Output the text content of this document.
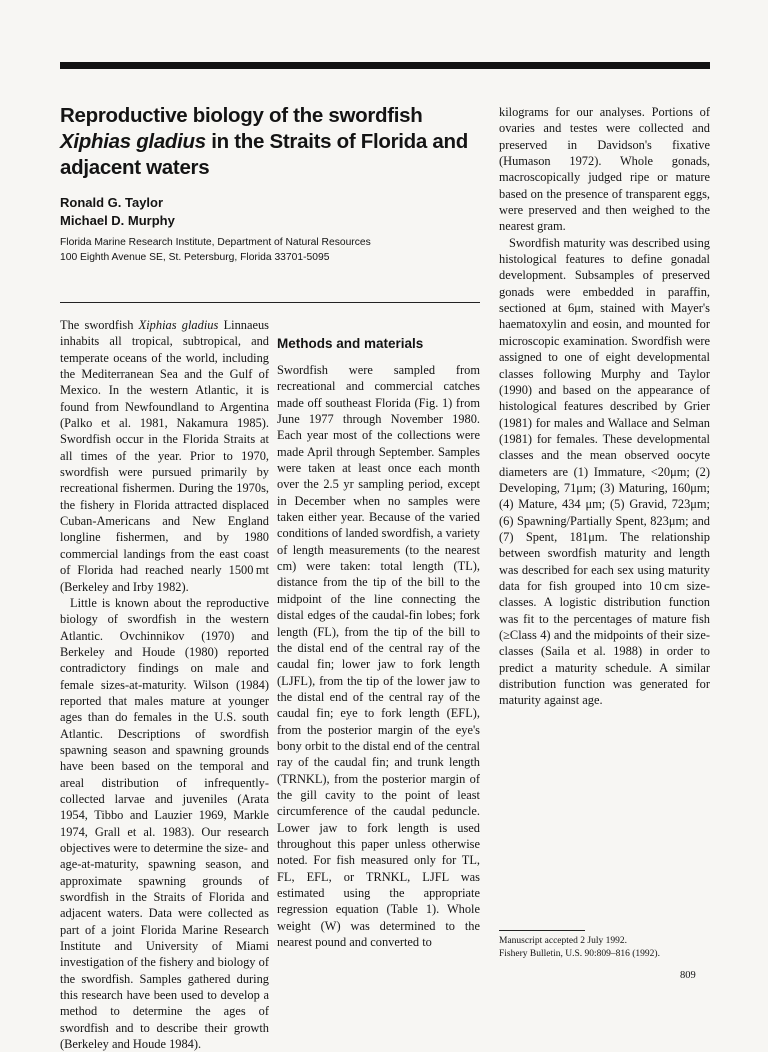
Reproductive biology of the swordfish Xiphias gladius in the Straits of Florida and adjacent waters
Ronald G. Taylor
Michael D. Murphy
Florida Marine Research Institute, Department of Natural Resources
100 Eighth Avenue SE, St. Petersburg, Florida 33701-5095

The swordfish Xiphias gladius Linnaeus inhabits all tropical, subtropical, and temperate oceans of the world, including the Mediterranean Sea and the Gulf of Mexico. In the western Atlantic, it is found from Newfoundland to Argentina (Palko et al. 1981, Nakamura 1985). Swordfish occur in the Florida Straits at all times of the year. Prior to 1970, swordfish were pursued primarily by recreational fishermen. During the 1970s, the fishery in Florida attracted displaced Cuban-Americans and New England longline fishermen, and by 1980 commercial landings from the east coast of Florida had reached nearly 1500 mt (Berkeley and Irby 1982).

Little is known about the reproductive biology of swordfish in the western Atlantic. Ovchinnikov (1970) and Berkeley and Houde (1980) reported contradictory findings on male and female sizes-at-maturity. Wilson (1984) reported that males mature at younger ages than do females in the U.S. south Atlantic. Descriptions of swordfish spawning season and spawning grounds have been based on the temporal and areal distribution of infrequently-collected larvae and juveniles (Arata 1954, Tibbo and Lauzier 1969, Markle 1974, Grall et al. 1983). Our research objectives were to determine the size- and age-at-maturity, spawning season, and approximate spawning grounds of swordfish in the Straits of Florida and adjacent waters. Data were collected as part of a joint Florida Marine Research Institute and University of Miami investigation of the fishery and biology of the swordfish. Samples gathered during this research have been used to develop a method to determine the ages of swordfish and to describe their growth (Berkeley and Houde 1984).

Methods and materials

Swordfish were sampled from recreational and commercial catches made off southeast Florida (Fig. 1) from June 1977 through November 1980. Each year most of the collections were made April through September. Samples were taken at least once each month over the 2.5 yr sampling period, except in December when no samples were taken either year. Because of the varied conditions of landed swordfish, a variety of length measurements (to the nearest cm) were taken: total length (TL), distance from the tip of the bill to the midpoint of the line connecting the distal edges of the caudal-fin lobes; fork length (FL), from the tip of the bill to the distal end of the central ray of the caudal fin; lower jaw to fork length (LJFL), from the tip of the lower jaw to the distal end of the central ray of the caudal fin; eye to fork length (EFL), from the posterior margin of the eye's bony orbit to the distal end of the central ray of the caudal fin; and trunk length (TRNKL), from the posterior margin of the gill cavity to the point of least circumference of the caudal peduncle. Lower jaw to fork length is used throughout this paper unless otherwise noted. For fish measured only for TL, FL, EFL, or TRNKL, LJFL was estimated using the appropriate regression equation (Table 1). Whole weight (W) was determined to the nearest pound and converted to

kilograms for our analyses. Portions of ovaries and testes were collected and preserved in Davidson's fixative (Humason 1972). Whole gonads, macroscopically judged ripe or mature based on the presence of transparent eggs, were preserved and then weighed to the nearest gram.

Swordfish maturity was described using histological features to define gonadal development. Subsamples of preserved gonads were embedded in paraffin, sectioned at 6μm, stained with Mayer's haematoxylin and eosin, and mounted for microscopic examination. Swordfish were assigned to one of eight developmental classes following Murphy and Taylor (1990) and based on the appearance of histological features described by Grier (1981) for males and Wallace and Selman (1981) for females. These developmental classes and the mean observed oocyte diameters are (1) Immature, <20μm; (2) Developing, 71μm; (3) Maturing, 160μm; (4) Mature, 434 μm; (5) Gravid, 723μm; (6) Spawning/Partially Spent, 823μm; and (7) Spent, 181μm. The relationship between swordfish maturity and length was described for each sex using maturity data for fish grouped into 10 cm size-classes. A logistic distribution function was fit to the percentages of mature fish (≥Class 4) and the midpoints of their size-classes (Saila et al. 1988) in order to predict a maturity schedule. A similar distribution function was generated for maturity against age.

Manuscript accepted 2 July 1992.
Fishery Bulletin, U.S. 90:809–816 (1992).
809
